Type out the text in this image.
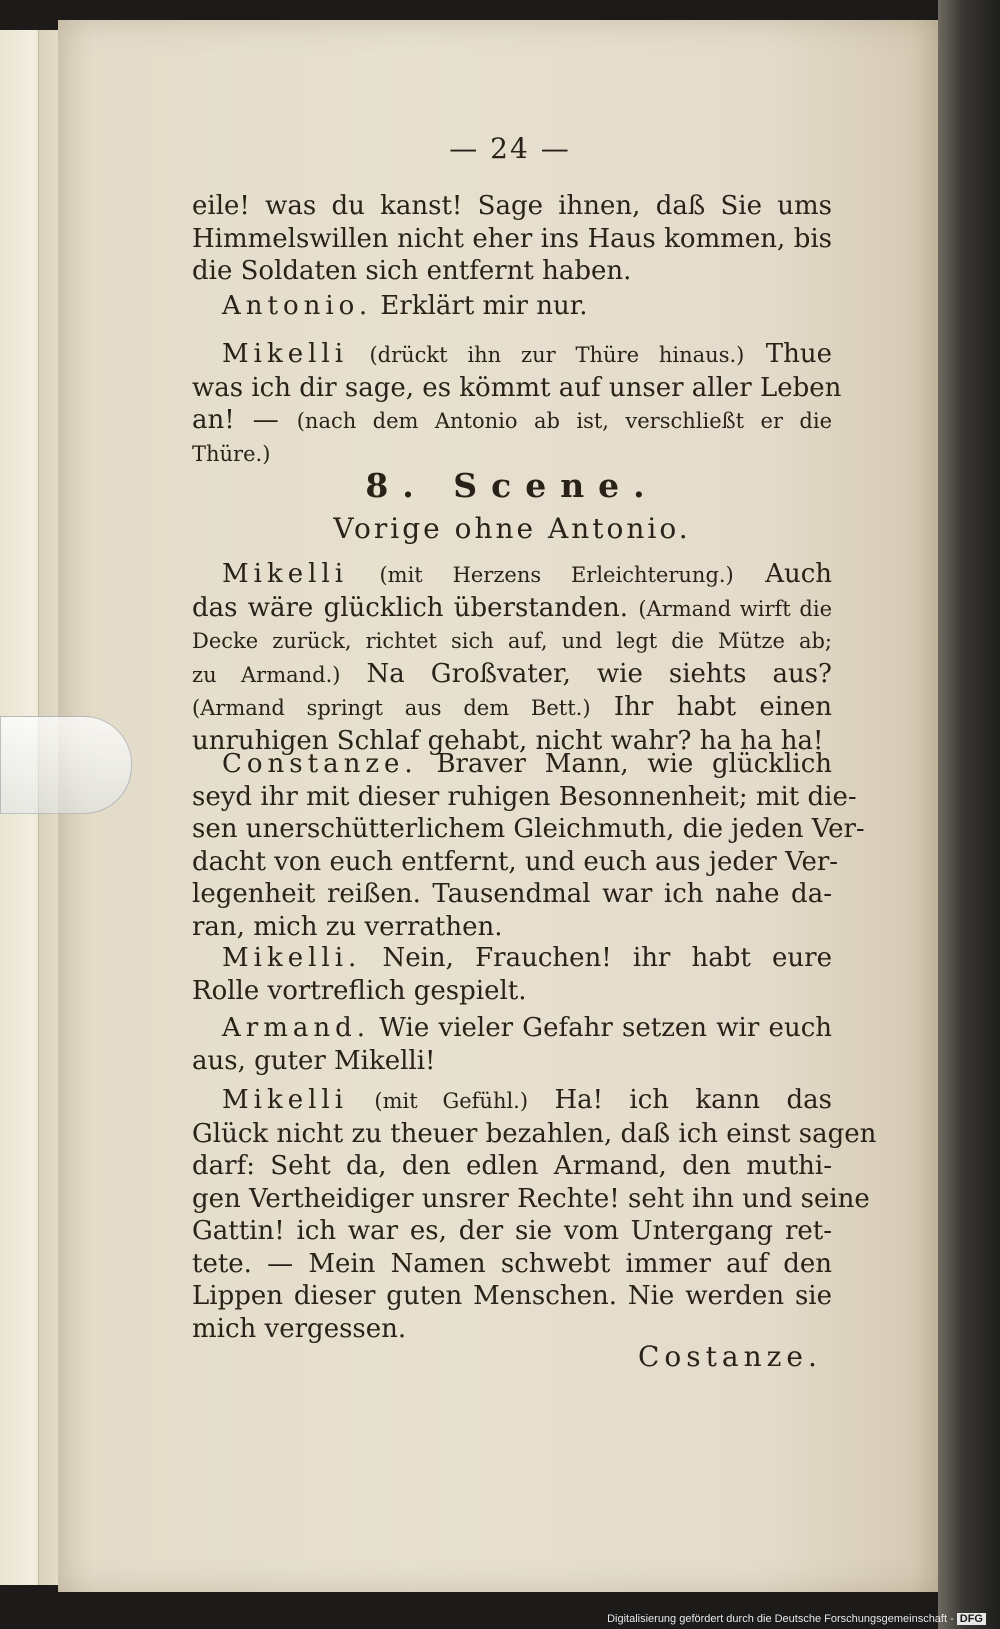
— 24 —
eile! was du kanst! Sage ihnen, daß Sie ums
Himmelswillen nicht eher ins Haus kommen, bis
die Soldaten sich entfernt haben.
Antonio. Erklärt mir nur.
Mikelli (drückt ihn zur Thüre hinaus.) Thue
was ich dir sage, es kömmt auf unser aller Leben
an! — (nach dem Antonio ab ist, verschließt er die
Thüre.)
8. Scene.
Vorige ohne Antonio.
Mikelli (mit Herzens Erleichterung.) Auch
das wäre glücklich überstanden. (Armand wirft die
Decke zurück, richtet sich auf, und legt die Mütze ab;
zu Armand.) Na Großvater, wie siehts aus?
(Armand springt aus dem Bett.) Ihr habt einen
unruhigen Schlaf gehabt, nicht wahr? ha ha ha!
Constanze. Braver Mann, wie glücklich
seyd ihr mit dieser ruhigen Besonnenheit; mit die-
sen unerschütterlichem Gleichmuth, die jeden Ver-
dacht von euch entfernt, und euch aus jeder Ver-
legenheit reißen. Tausendmal war ich nahe da-
ran, mich zu verrathen.
Mikelli. Nein, Frauchen! ihr habt eure
Rolle vortreflich gespielt.
Armand. Wie vieler Gefahr setzen wir euch
aus, guter Mikelli!
Mikelli (mit Gefühl.) Ha! ich kann das
Glück nicht zu theuer bezahlen, daß ich einst sagen
darf: Seht da, den edlen Armand, den muthi-
gen Vertheidiger unsrer Rechte! seht ihn und seine
Gattin! ich war es, der sie vom Untergang ret-
tete. — Mein Namen schwebt immer auf den
Lippen dieser guten Menschen. Nie werden sie
mich vergessen.
Costanze.
Digitalisierung gefördert durch die Deutsche Forschungsgemeinschaft - DFG
